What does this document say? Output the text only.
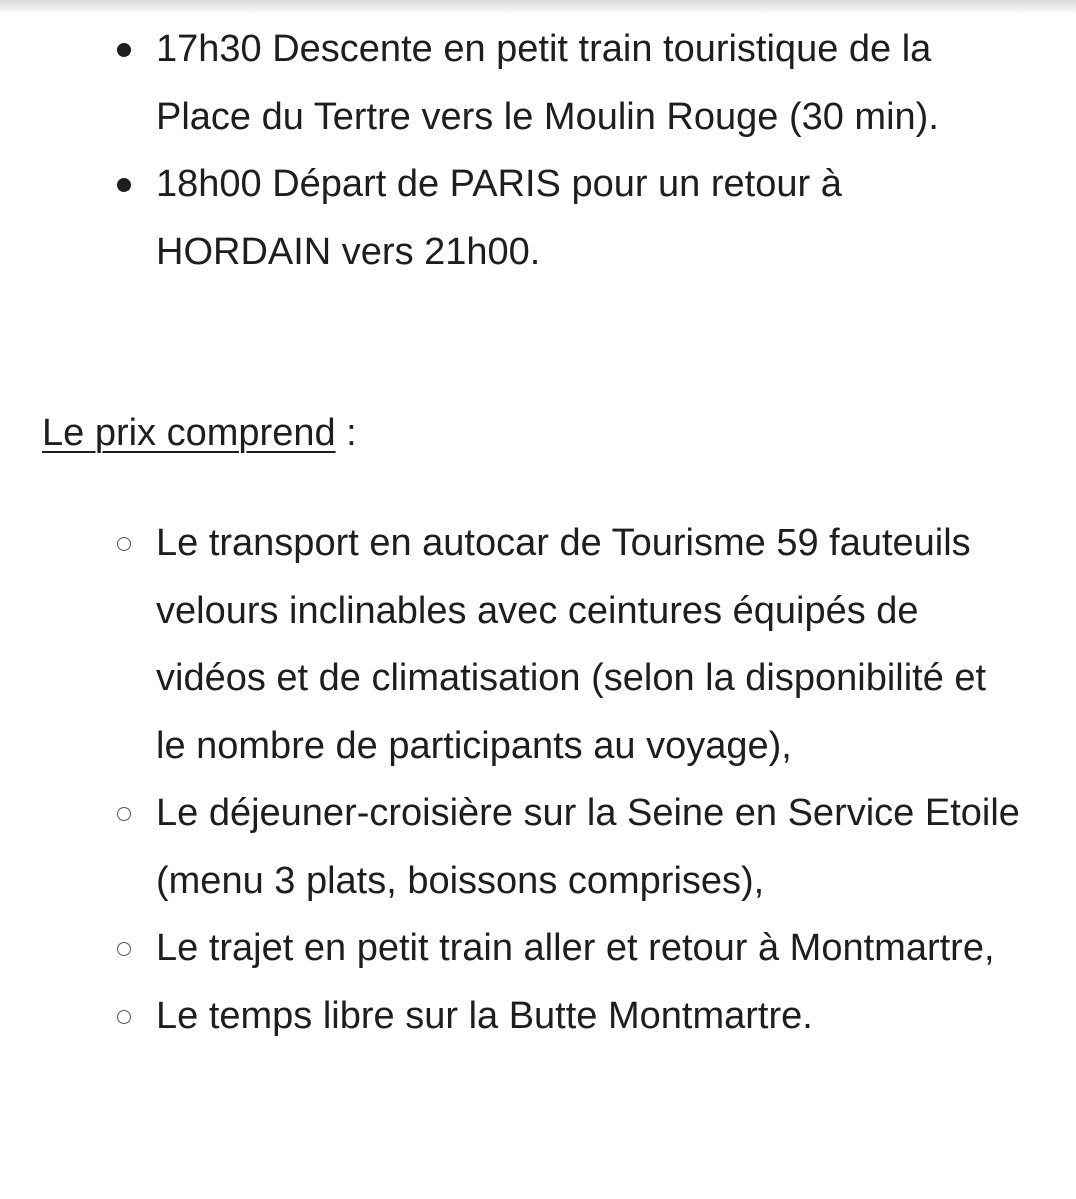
17h30 Descente en petit train touristique de la Place du Tertre vers le Moulin Rouge (30 min).
18h00 Départ de PARIS pour un retour à HORDAIN vers 21h00.
Le prix comprend :
Le transport en autocar de Tourisme 59 fauteuils velours inclinables avec ceintures équipés de vidéos et de climatisation (selon la disponibilité et le nombre de participants au voyage),
Le déjeuner-croisière sur la Seine en Service Etoile (menu 3 plats, boissons comprises),
Le trajet en petit train aller et retour à Montmartre,
Le temps libre sur la Butte Montmartre.
